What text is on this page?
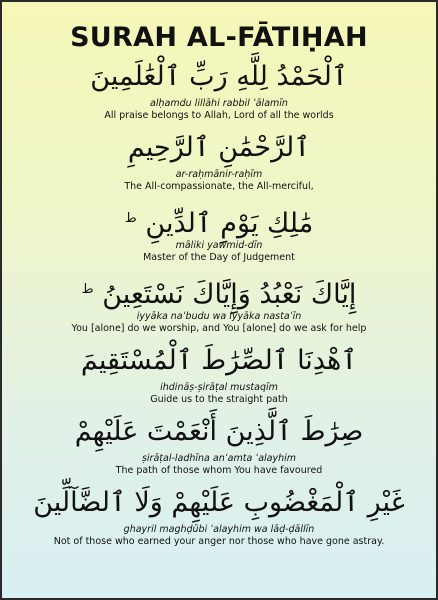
SURAH AL-FĀTIḤAH
ٱلْحَمْدُ لِلَّهِ رَبِّ ٱلْعَٰلَمِينَ
alḥamdu lillāhi rabbil ʿālamīn
All praise belongs to Allah, Lord of all the worlds
ٱلرَّحْمَٰنِ ٱلرَّحِيمِ
ar-raḥmānir-raḥīm
The All-compassionate, the All-merciful,
مَٰلِكِ يَوْمِ ٱلدِّينِ $^ط$
māliki yawmid-dīn
Master of the Day of Judgement
إِيَّاكَ نَعْبُدُ وَإِيَّاكَ نَسْتَعِينُ $^ط$
iyyāka naʿbudu wa iyyāka nastaʿīn
You [alone] do we worship, and You [alone] do we ask for help
ٱهْدِنَا ٱلصِّرَٰطَ ٱلْمُسْتَقِيمَ
ihdināṣ-ṣirāṭal mustaqīm
Guide us to the straight path
صِرَٰطَ ٱلَّذِينَ أَنْعَمْتَ عَلَيْهِمْ
ṣirāṭal-ladhīna anʿamta ʿalayhim
The path of those whom You have favoured
غَيْرِ ٱلْمَغْضُوبِ عَلَيْهِمْ وَلَا ٱلضَّآلِّينَ
ghayril maghḍūbi ʿalayhim wa lāḍ-ḍāllīn
Not of those who earned your anger nor those who have gone astray.
